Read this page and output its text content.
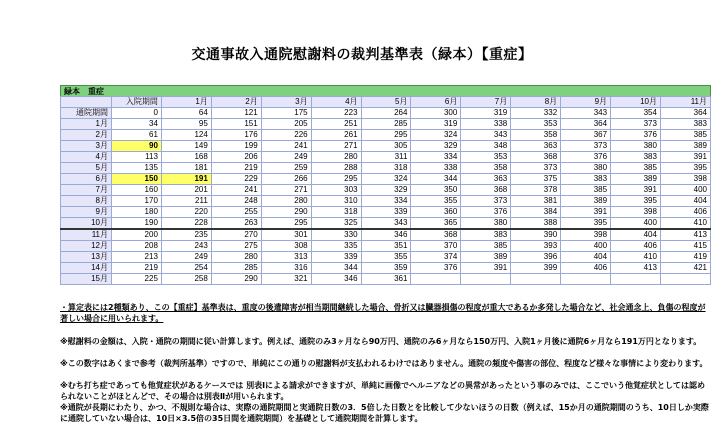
交通事故入通院慰謝料の裁判基準表（緑本）【重症】
緑本　重症
	入院期間	1月	2月	3月	4月	5月	6月	7月	8月	9月	10月	11月
通院期間	0	64	121	175	223	264	300	319	332	343	354	364
1月	34	95	151	205	251	285	319	338	353	364	373	383
2月	61	124	176	226	261	295	324	343	358	367	376	385
3月	90	149	199	241	271	305	329	348	363	373	380	389
4月	113	168	206	249	280	311	334	353	368	376	383	391
5月	135	181	219	259	288	318	338	358	373	380	385	395
6月	150	191	229	266	295	324	344	363	375	383	389	398
7月	160	201	241	271	303	329	350	368	378	385	391	400
8月	170	211	248	280	310	334	355	373	381	389	395	404
9月	180	220	255	290	318	339	360	376	384	391	398	406
10月	190	228	263	295	325	343	365	380	388	395	400	410
11月	200	235	270	301	330	346	368	383	390	398	404	413
12月	208	243	275	308	335	351	370	385	393	400	406	415
13月	213	249	280	313	339	355	374	389	396	404	410	419
14月	219	254	285	316	344	359	376	391	399	406	413	421
15月	225	258	290	321	346	361						
・算定表には2種類あり、この【重症】基準表は、重度の後遺障害が相当期間継続した場合、骨折又は臓器損傷の程度が重大であるか多発した場合など、社会通念上、負傷の程度が著しい場合に用いられます。
※慰謝料の金額は、入院・通院の期間に従い計算します。例えば、通院のみ3ヶ月なら90万円、通院のみ6ヶ月なら150万円、入院1ヶ月後に通院6ヶ月なら191万円となります。
※この数字はあくまで参考（裁判所基準）ですので、単純にこの通りの慰謝料が支払われるわけではありません。通院の頻度や傷害の部位、程度など様々な事情により変わります。
※むち打ち症であっても他覚症状があるケースでは 別表Ⅰによる請求ができますが、単純に画像でヘルニアなどの異常があったという事のみでは、ここでいう他覚症状としては認められないことがほとんどで、その場合は別表Ⅱが用いられます。
※通院が長期にわたり、かつ、不規則な場合は、実際の通院期間と実通院日数の3．5倍した日数とを比較して少ないほうの日数（例えば、15か月の通院期間のうち、10日しか実際に通院していない場合は、10日×3.5倍の35日間を通院期間）を基礎として通院期間を計算します。
